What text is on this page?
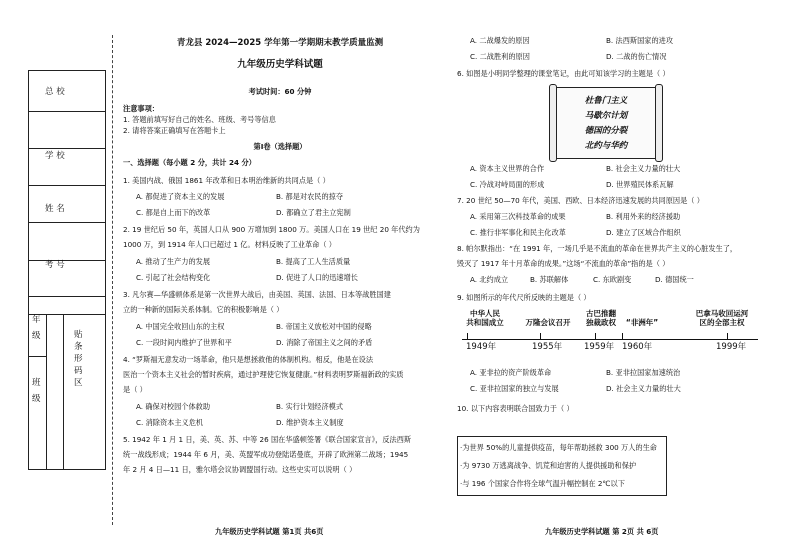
总 校
学 校
姓 名
考 号
年
级
班
级
贴
条
形
码
区
青龙县 2024—2025 学年第一学期期末教学质量监测
九年级历史学科试题
考试时间：60 分钟
注意事项：
1. 答题前填写好自己的姓名、班级、考号等信息
2. 请将答案正确填写在答题卡上
第Ⅰ卷（选择题）
一、选择题（每小题 2 分，共计 24 分）
1. 美国内战、俄国 1861 年改革和日本明治维新的共同点是（ ）
A. 都促进了资本主义的发展	B. 都是对农民的掠夺
C. 都是自上而下的改革	D. 都确立了君主立宪制
2. 19 世纪后 50 年，英国人口从 900 万增加到 1800 万。美国人口在 19 世纪 20 年代约为
1000 万，到 1914 年人口已超过 1 亿。材料反映了工业革命（ ）
A. 推动了生产力的发展	B. 提高了工人生活质量
C. 引起了社会结构变化	D. 促进了人口的迅速增长
3. 凡尔赛—华盛顿体系是第一次世界大战后，由美国、英国、法国、日本等战胜国建
立的一种新的国际关系体制。它的积极影响是（ ）
A. 中国完全收回山东的主权	B. 帝国主义放松对中国的侵略
C. 一段时间内维护了世界和平	D. 消除了帝国主义之间的矛盾
4. “罗斯福无意发动一场革命，他只是想拯救他的体制机构。相反，他是在设法
医治一个资本主义社会的暂时疾病，通过护理使它恢复健康。”材料表明罗斯福新政的实质
是（ ）
A. 确保对校园个体救助	B. 实行计划经济模式
C. 消除资本主义危机	D. 维护资本主义制度
5. 1942 年 1 月 1 日，美、英、苏、中等 26 国在华盛顿签署《联合国家宣言》，反法西斯
统一战线形成；1944 年 6 月，美、英盟军成功登陆诺曼底，开辟了欧洲第二战场；1945
年 2 月 4 日—11 日，雅尔塔会议协调盟国行动。这些史实可以说明（ ）
九年级历史学科试题 第1页 共6页
A. 二战爆发的原因	B. 法西斯国家的进攻
C. 二战胜利的原因	D. 二战的伤亡情况
6. 如图是小明同学整理的课堂笔记，由此可知该学习的主题是（ ）
杜鲁门主义
马歇尔计划
德国的分裂
北约与华约
A. 资本主义世界的合作	B. 社会主义力量的壮大
C. 冷战对峙局面的形成	D. 世界殖民体系瓦解
7. 20 世纪 50—70 年代，美国、西欧、日本经济迅速发展的共同原因是（ ）
A. 采用第三次科技革命的成果	B. 利用外来的经济援助
C. 推行非军事化和民主化改革	D. 建立了区域合作组织
8. 帕尔默指出：“在 1991 年，一场几乎是不流血的革命在世界共产主义的心脏发生了，
毁灭了 1917 年十月革命的成果。”这场“不流血的革命”指的是（ ）
A. 北约成立	B. 苏联解体	C. 东欧剧变	D. 德国统一
9. 如图所示的年代尺所反映的主题是（ ）
中华人民
共和国成立	万隆会议召开
古巴推翻
独裁政权	“非洲年”
巴拿马收回运河
区的全部主权
1949年	1955年	1959年 1960年	1999年
A. 亚非拉的资产阶级革命	B. 亚非拉国家加速统治
C. 亚非拉国家的独立与发展	D. 社会主义力量的壮大
10. 以下内容表明联合国致力于（ ）
·为世界 50%的儿童提供疫苗，每年帮助拯救 300 万人的生命
·为 9730 万逃离战争、饥荒和迫害的人提供援助和保护
·与 196 个国家合作将全球气温升幅控制在 2℃以下
九年级历史学科试题 第 2页 共 6页
